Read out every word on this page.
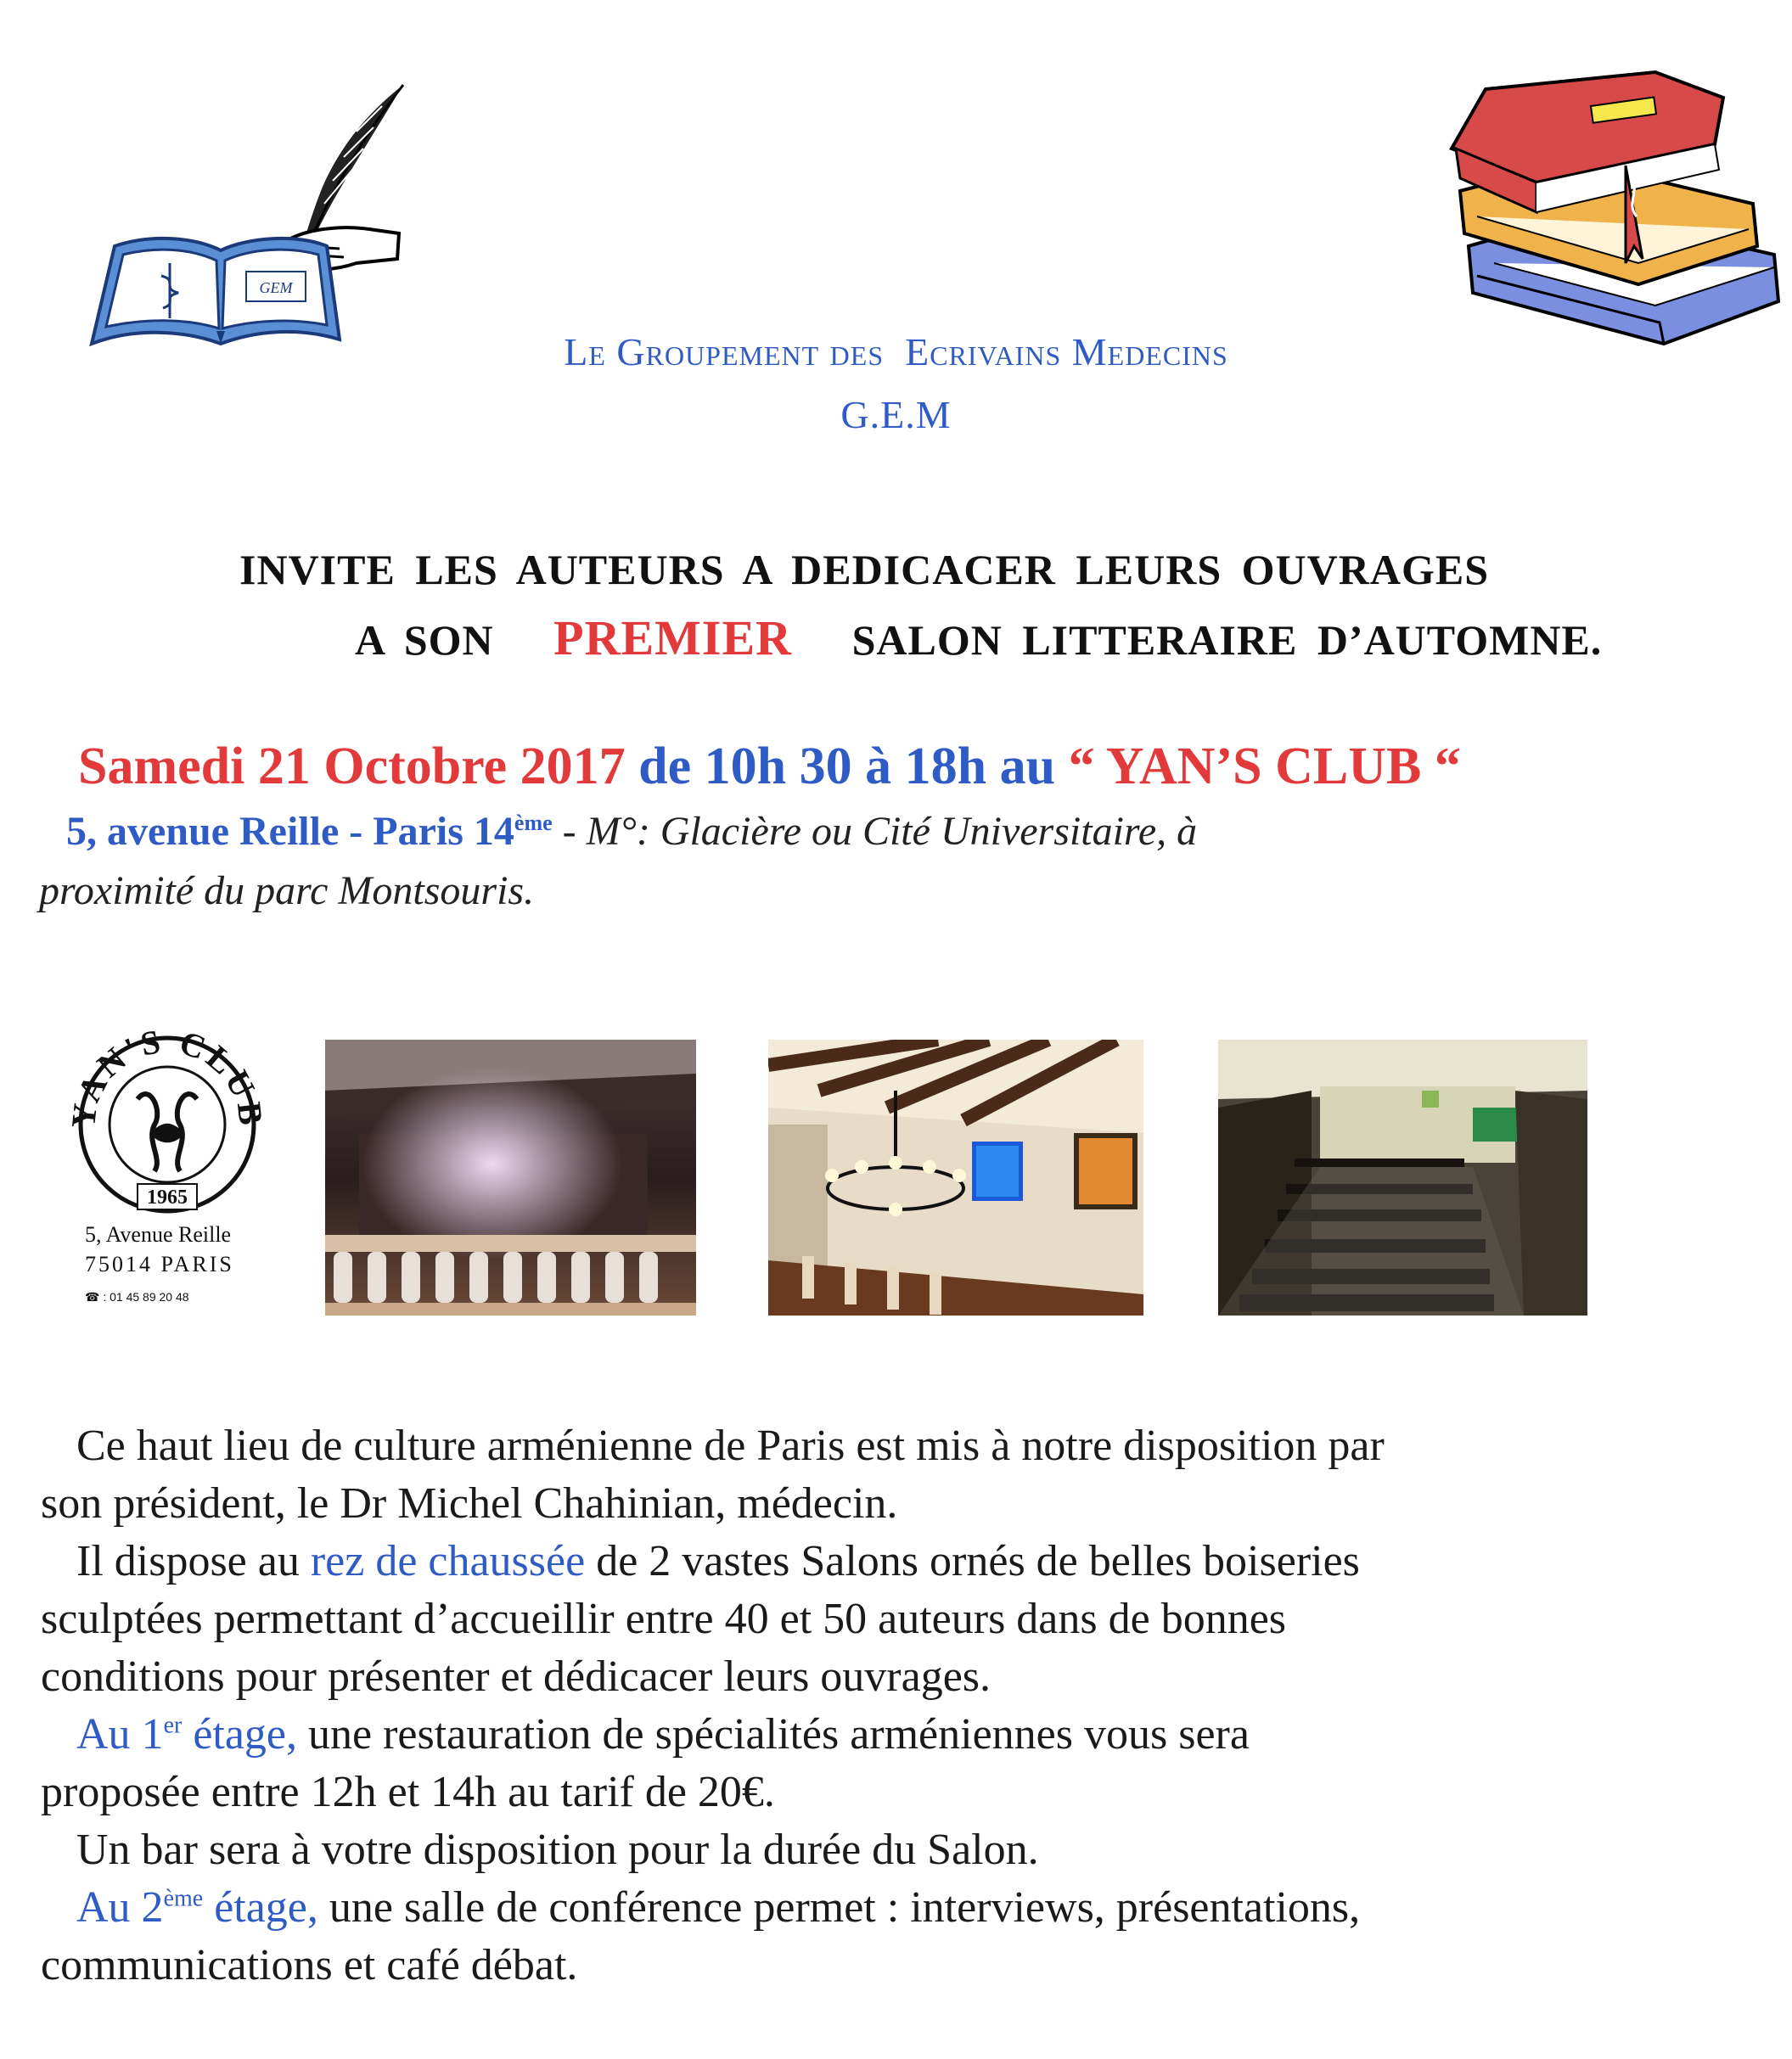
GEM
Le Groupement des Ecrivains Medecins
G.E.M
INVITE LES AUTEURS A DEDICACER LEURS OUVRAGES
A SON PREMIER SALON LITTERAIRE D’AUTOMNE.
Samedi 21 Octobre 2017 de 10h 30 à 18h au “ YAN’S CLUB “
5, avenue Reille - Paris 14ème - M°: Glacière ou Cité Universitaire, à
proximité du parc Montsouris.
AN'S CLUB
1965
5, Avenue Reille
75014 PARIS
☎ : 01 45 89 20 48
Ce haut lieu de culture arménienne de Paris est mis à notre disposition par
son président, le Dr Michel Chahinian, médecin.
Il dispose au rez de chaussée de 2 vastes Salons ornés de belles boiseries
sculptées permettant d’accueillir entre 40 et 50 auteurs dans de bonnes
conditions pour présenter et dédicacer leurs ouvrages.
Au 1er étage, une restauration de spécialités arméniennes vous sera
proposée entre 12h et 14h au tarif de 20€.
Un bar sera à votre disposition pour la durée du Salon.
Au 2ème étage, une salle de conférence permet : interviews, présentations,
communications et café débat.
